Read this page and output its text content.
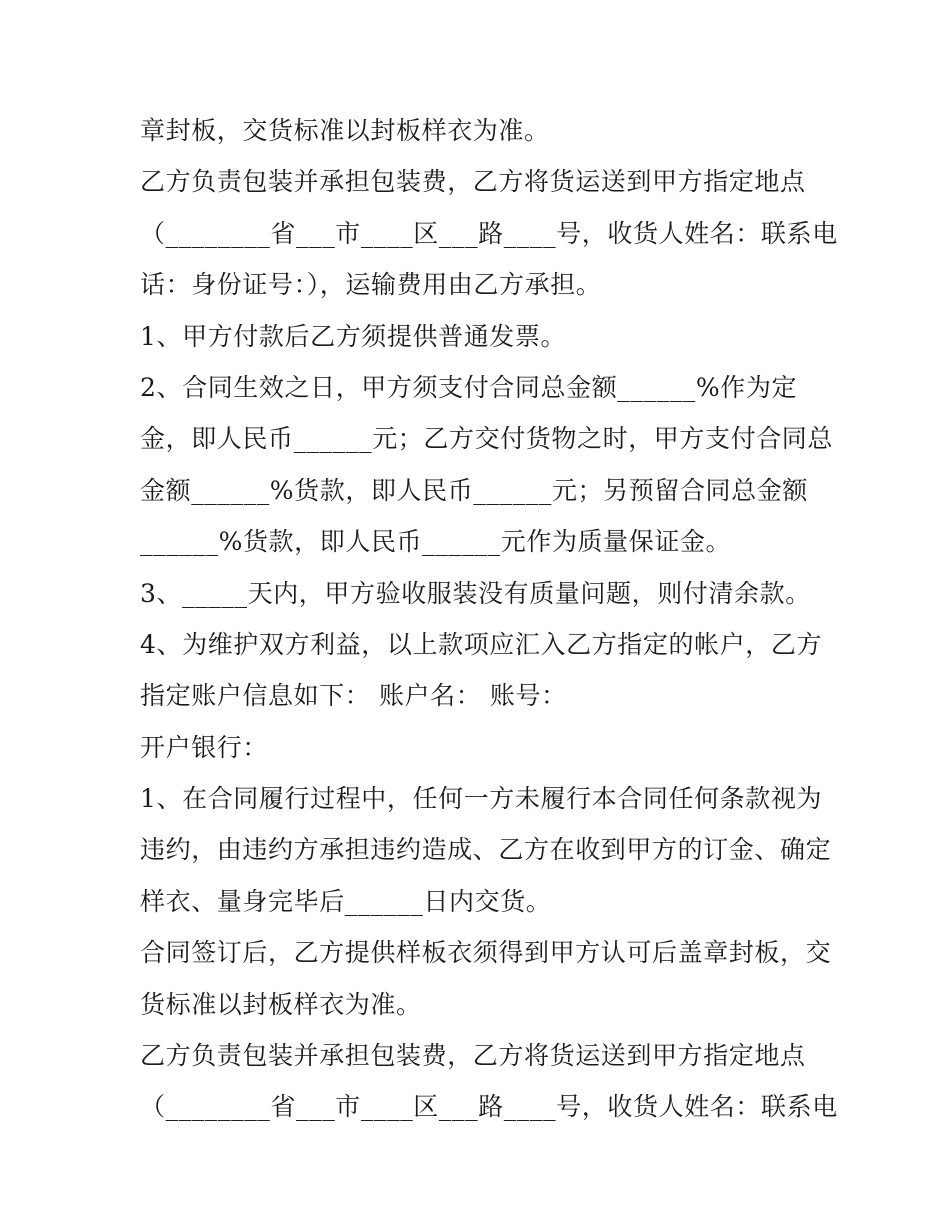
章封板，交货标准以封板样衣为准。
乙方负责包装并承担包装费，乙方将货运送到甲方指定地点
（________省___市____区___路____号，收货人姓名：联系电
话：身份证号：），运输费用由乙方承担。
1、甲方付款后乙方须提供普通发票。
2、合同生效之日，甲方须支付合同总金额______%作为定
金，即人民币______元；乙方交付货物之时，甲方支付合同总
金额______%货款，即人民币______元；另预留合同总金额
______%货款，即人民币______元作为质量保证金。
3、_____天内，甲方验收服装没有质量问题，则付清余款。
4、为维护双方利益，以上款项应汇入乙方指定的帐户，乙方
指定账户信息如下： 账户名： 账号：
开户银行：
1、在合同履行过程中，任何一方未履行本合同任何条款视为
违约，由违约方承担违约造成、乙方在收到甲方的订金、确定
样衣、量身完毕后______日内交货。
合同签订后，乙方提供样板衣须得到甲方认可后盖章封板，交
货标准以封板样衣为准。
乙方负责包装并承担包装费，乙方将货运送到甲方指定地点
（________省___市____区___路____号，收货人姓名：联系电
